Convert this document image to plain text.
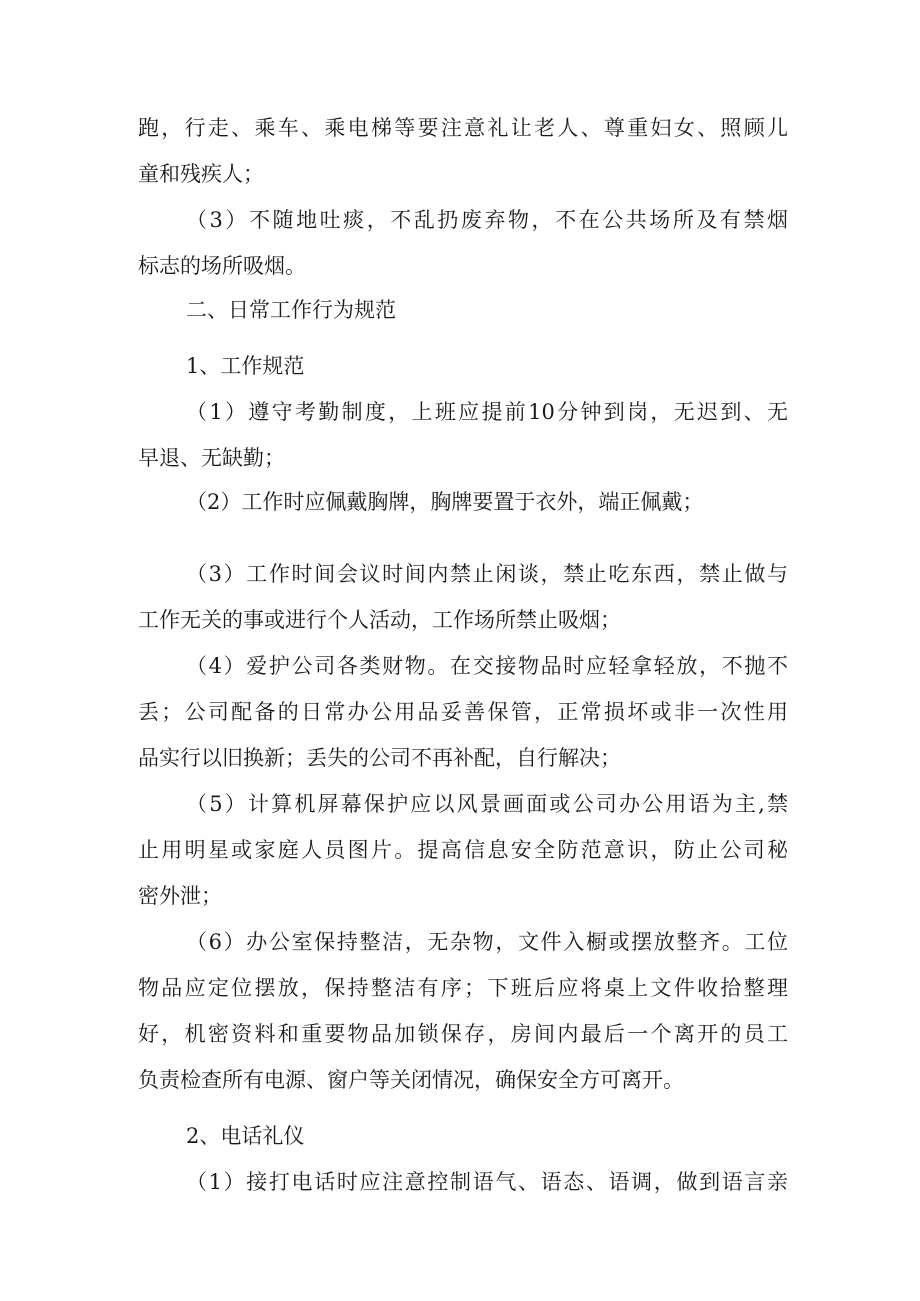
跑，行走、乘车、乘电梯等要注意礼让老人、尊重妇女、照顾儿
童和残疾人；
（3）不随地吐痰，不乱扔废弃物，不在公共场所及有禁烟
标志的场所吸烟。
二、日常工作行为规范
1、工作规范
（1）遵守考勤制度，上班应提前10分钟到岗，无迟到、无
早退、无缺勤；
（2）工作时应佩戴胸牌，胸牌要置于衣外，端正佩戴；
（3）工作时间会议时间内禁止闲谈，禁止吃东西，禁止做与
工作无关的事或进行个人活动，工作场所禁止吸烟；
（4）爱护公司各类财物。在交接物品时应轻拿轻放，不抛不
丢；公司配备的日常办公用品妥善保管，正常损坏或非一次性用
品实行以旧换新；丢失的公司不再补配，自行解决；
（5）计算机屏幕保护应以风景画面或公司办公用语为主,禁
止用明星或家庭人员图片。提高信息安全防范意识，防止公司秘
密外泄；
（6）办公室保持整洁，无杂物，文件入橱或摆放整齐。工位
物品应定位摆放，保持整洁有序；下班后应将桌上文件收拾整理
好，机密资料和重要物品加锁保存，房间内最后一个离开的员工
负责检查所有电源、窗户等关闭情况，确保安全方可离开。
2、电话礼仪
（1）接打电话时应注意控制语气、语态、语调，做到语言亲
